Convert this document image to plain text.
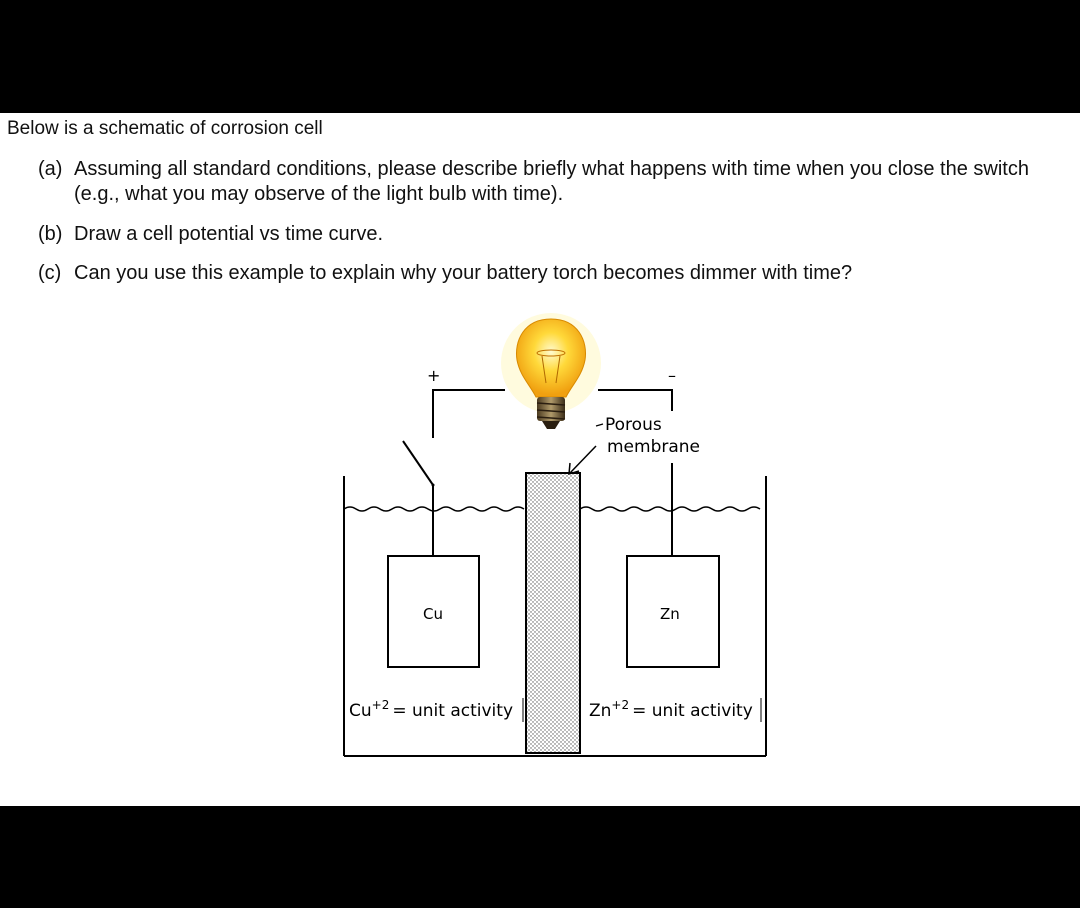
Below is a schematic of corrosion cell

(a) Assuming all standard conditions, please describe briefly what happens with time when you close the switch (e.g., what you may observe of the light bulb with time).
(b) Draw a cell potential vs time curve.
(c) Can you use this example to explain why your battery torch becomes dimmer with time?
+	–
Porous
membrane
Cu	Zn
$Cu^{+2}$ = unit activity	$Zn^{+2}$ = unit activity
